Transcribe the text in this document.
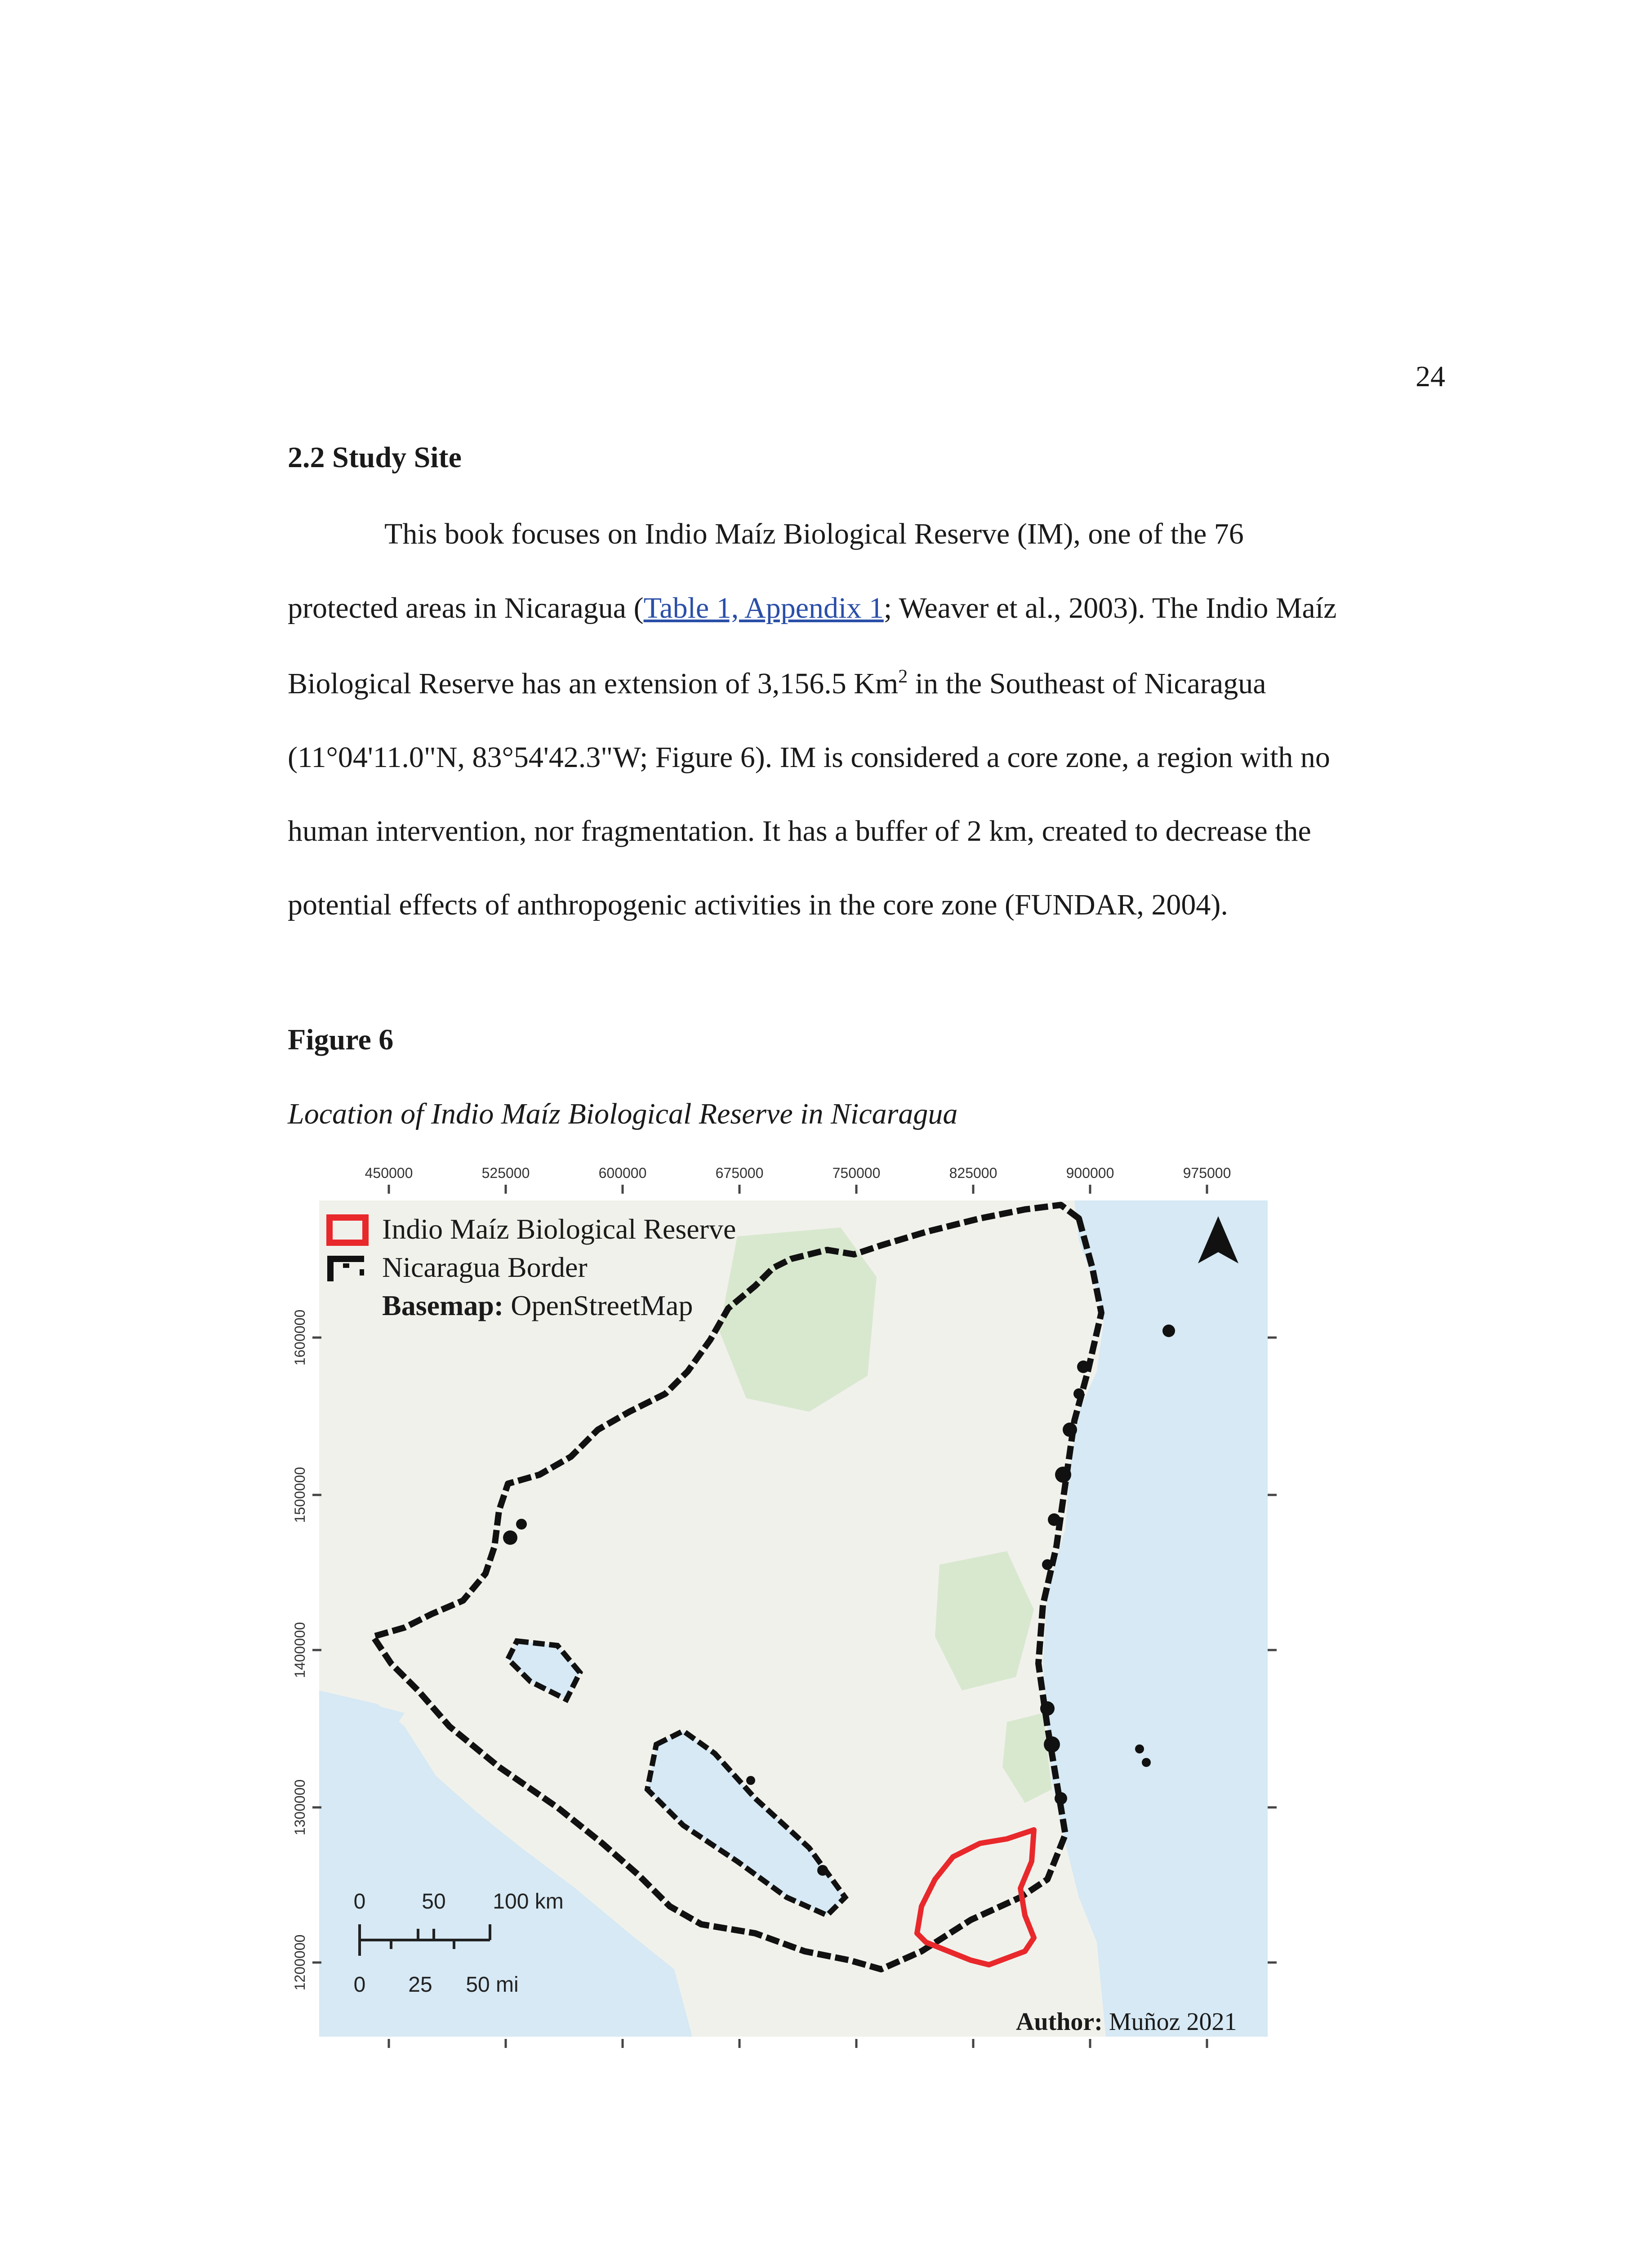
24
2.2 Study Site
This book focuses on Indio Maíz Biological Reserve (IM), one of the 76
protected areas in Nicaragua (Table 1, Appendix 1; Weaver et al., 2003). The Indio Maíz
Biological Reserve has an extension of 3,156.5 Km$^2$ in the Southeast of Nicaragua
(11°04'11.0"N, 83°54'42.3"W; Figure 6). IM is considered a core zone, a region with no
human intervention, nor fragmentation. It has a buffer of 2 km, created to decrease the
potential effects of anthropogenic activities in the core zone (FUNDAR, 2004).
Figure 6
Location of Indio Maíz Biological Reserve in Nicaragua
450000	525000	600000	675000	750000	825000	900000	975000
1600000
1500000
1400000
1300000
1200000
Indio Maíz Biological Reserve
Nicaragua Border
Basemap: OpenStreetMap
0	50 100 km
0 25 50 mi
Author: Muñoz 2021
